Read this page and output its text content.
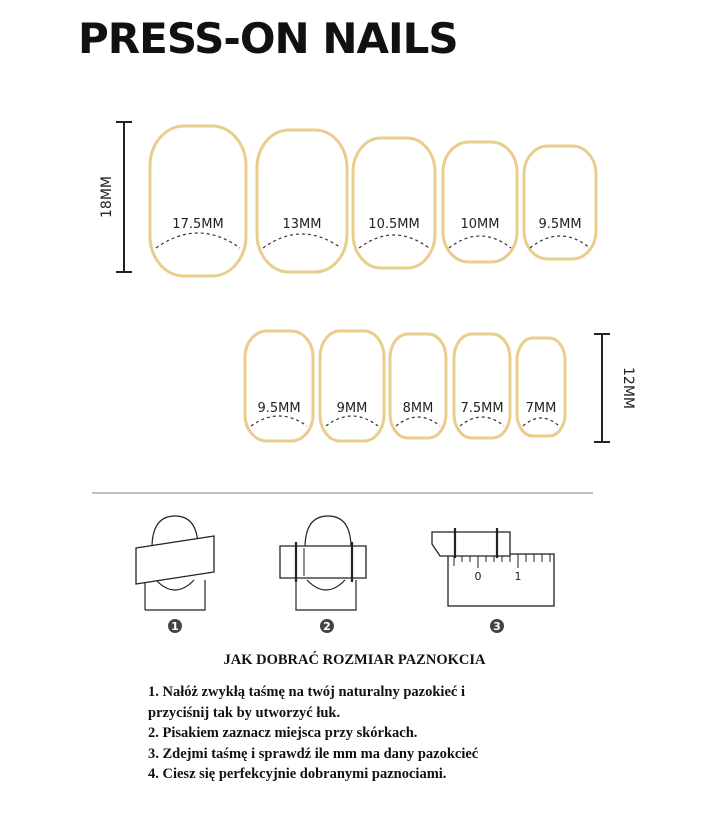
PRESS-ON NAILS
18MM
17.5MM	13MM	10.5MM	10MM	9.5MM
9.5MM	9MM	8MM 7.5MM 7MM	12MM
1	2
0	1
3
JAK DOBRAĆ ROZMIAR PAZNOKCIA
1. Nałóż zwykłą taśmę na twój naturalny pazokieć i
przyciśnij tak by utworzyć łuk.
2. Pisakiem zaznacz miejsca przy skórkach.
3. Zdejmi taśmę i sprawdź ile mm ma dany pazokcieć
4. Ciesz się perfekcyjnie dobranymi paznociami.
